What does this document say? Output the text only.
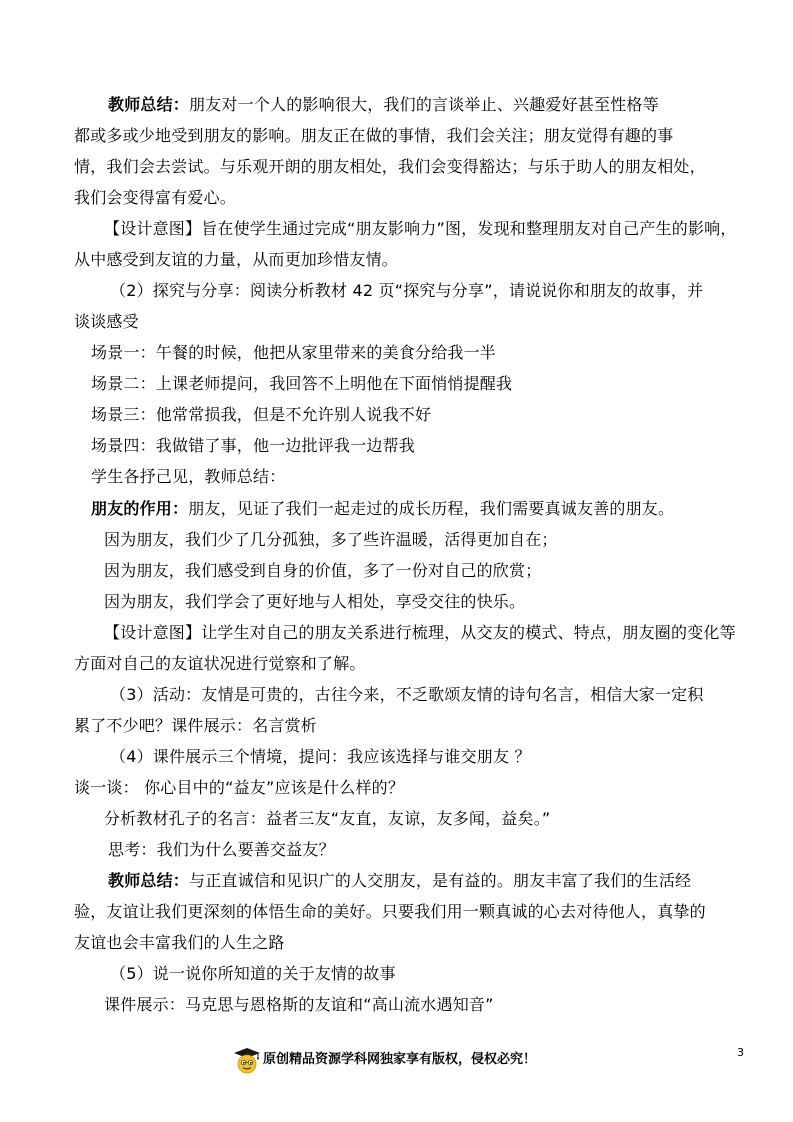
教师总结：朋友对一个人的影响很大，我们的言谈举止、兴趣爱好甚至性格等
都或多或少地受到朋友的影响。朋友正在做的事情，我们会关注；朋友觉得有趣的事
情，我们会去尝试。与乐观开朗的朋友相处，我们会变得豁达；与乐于助人的朋友相处，
我们会变得富有爱心。
【设计意图】旨在使学生通过完成“朋友影响力”图，发现和整理朋友对自己产生的影响，
从中感受到友谊的力量，从而更加珍惜友情。
（2）探究与分享：阅读分析教材 42 页“探究与分享”，请说说你和朋友的故事，并
谈谈感受
场景一：午餐的时候，他把从家里带来的美食分给我一半
场景二：上课老师提问，我回答不上明他在下面悄悄提醒我
场景三：他常常损我，但是不允许别人说我不好
场景四：我做错了事，他一边批评我一边帮我
学生各抒己见，教师总结：
朋友的作用：朋友，见证了我们一起走过的成长历程，我们需要真诚友善的朋友。
因为朋友，我们少了几分孤独，多了些许温暖，活得更加自在；
因为朋友，我们感受到自身的价值，多了一份对自己的欣赏；
因为朋友，我们学会了更好地与人相处，享受交往的快乐。
【设计意图】让学生对自己的朋友关系进行梳理，从交友的模式、特点，朋友圈的变化等
方面对自己的友谊状况进行觉察和了解。
（3）活动：友情是可贵的，古往今来，不乏歌颂友情的诗句名言，相信大家一定积
累了不少吧？课件展示：名言赏析
（4）课件展示三个情境，提问：我应该选择与谁交朋友 ？
谈一谈： 你心目中的“益友”应该是什么样的？
分析教材孔子的名言：益者三友“友直，友谅，友多闻，益矣。”
思考：我们为什么要善交益友？
教师总结：与正直诚信和见识广的人交朋友，是有益的。朋友丰富了我们的生活经
验，友谊让我们更深刻的体悟生命的美好。只要我们用一颗真诚的心去对待他人，真挚的
友谊也会丰富我们的人生之路
（5）说一说你所知道的关于友情的故事
课件展示：马克思与恩格斯的友谊和“高山流水遇知音”
3
原创精品资源学科网独家享有版权，侵权必究！
